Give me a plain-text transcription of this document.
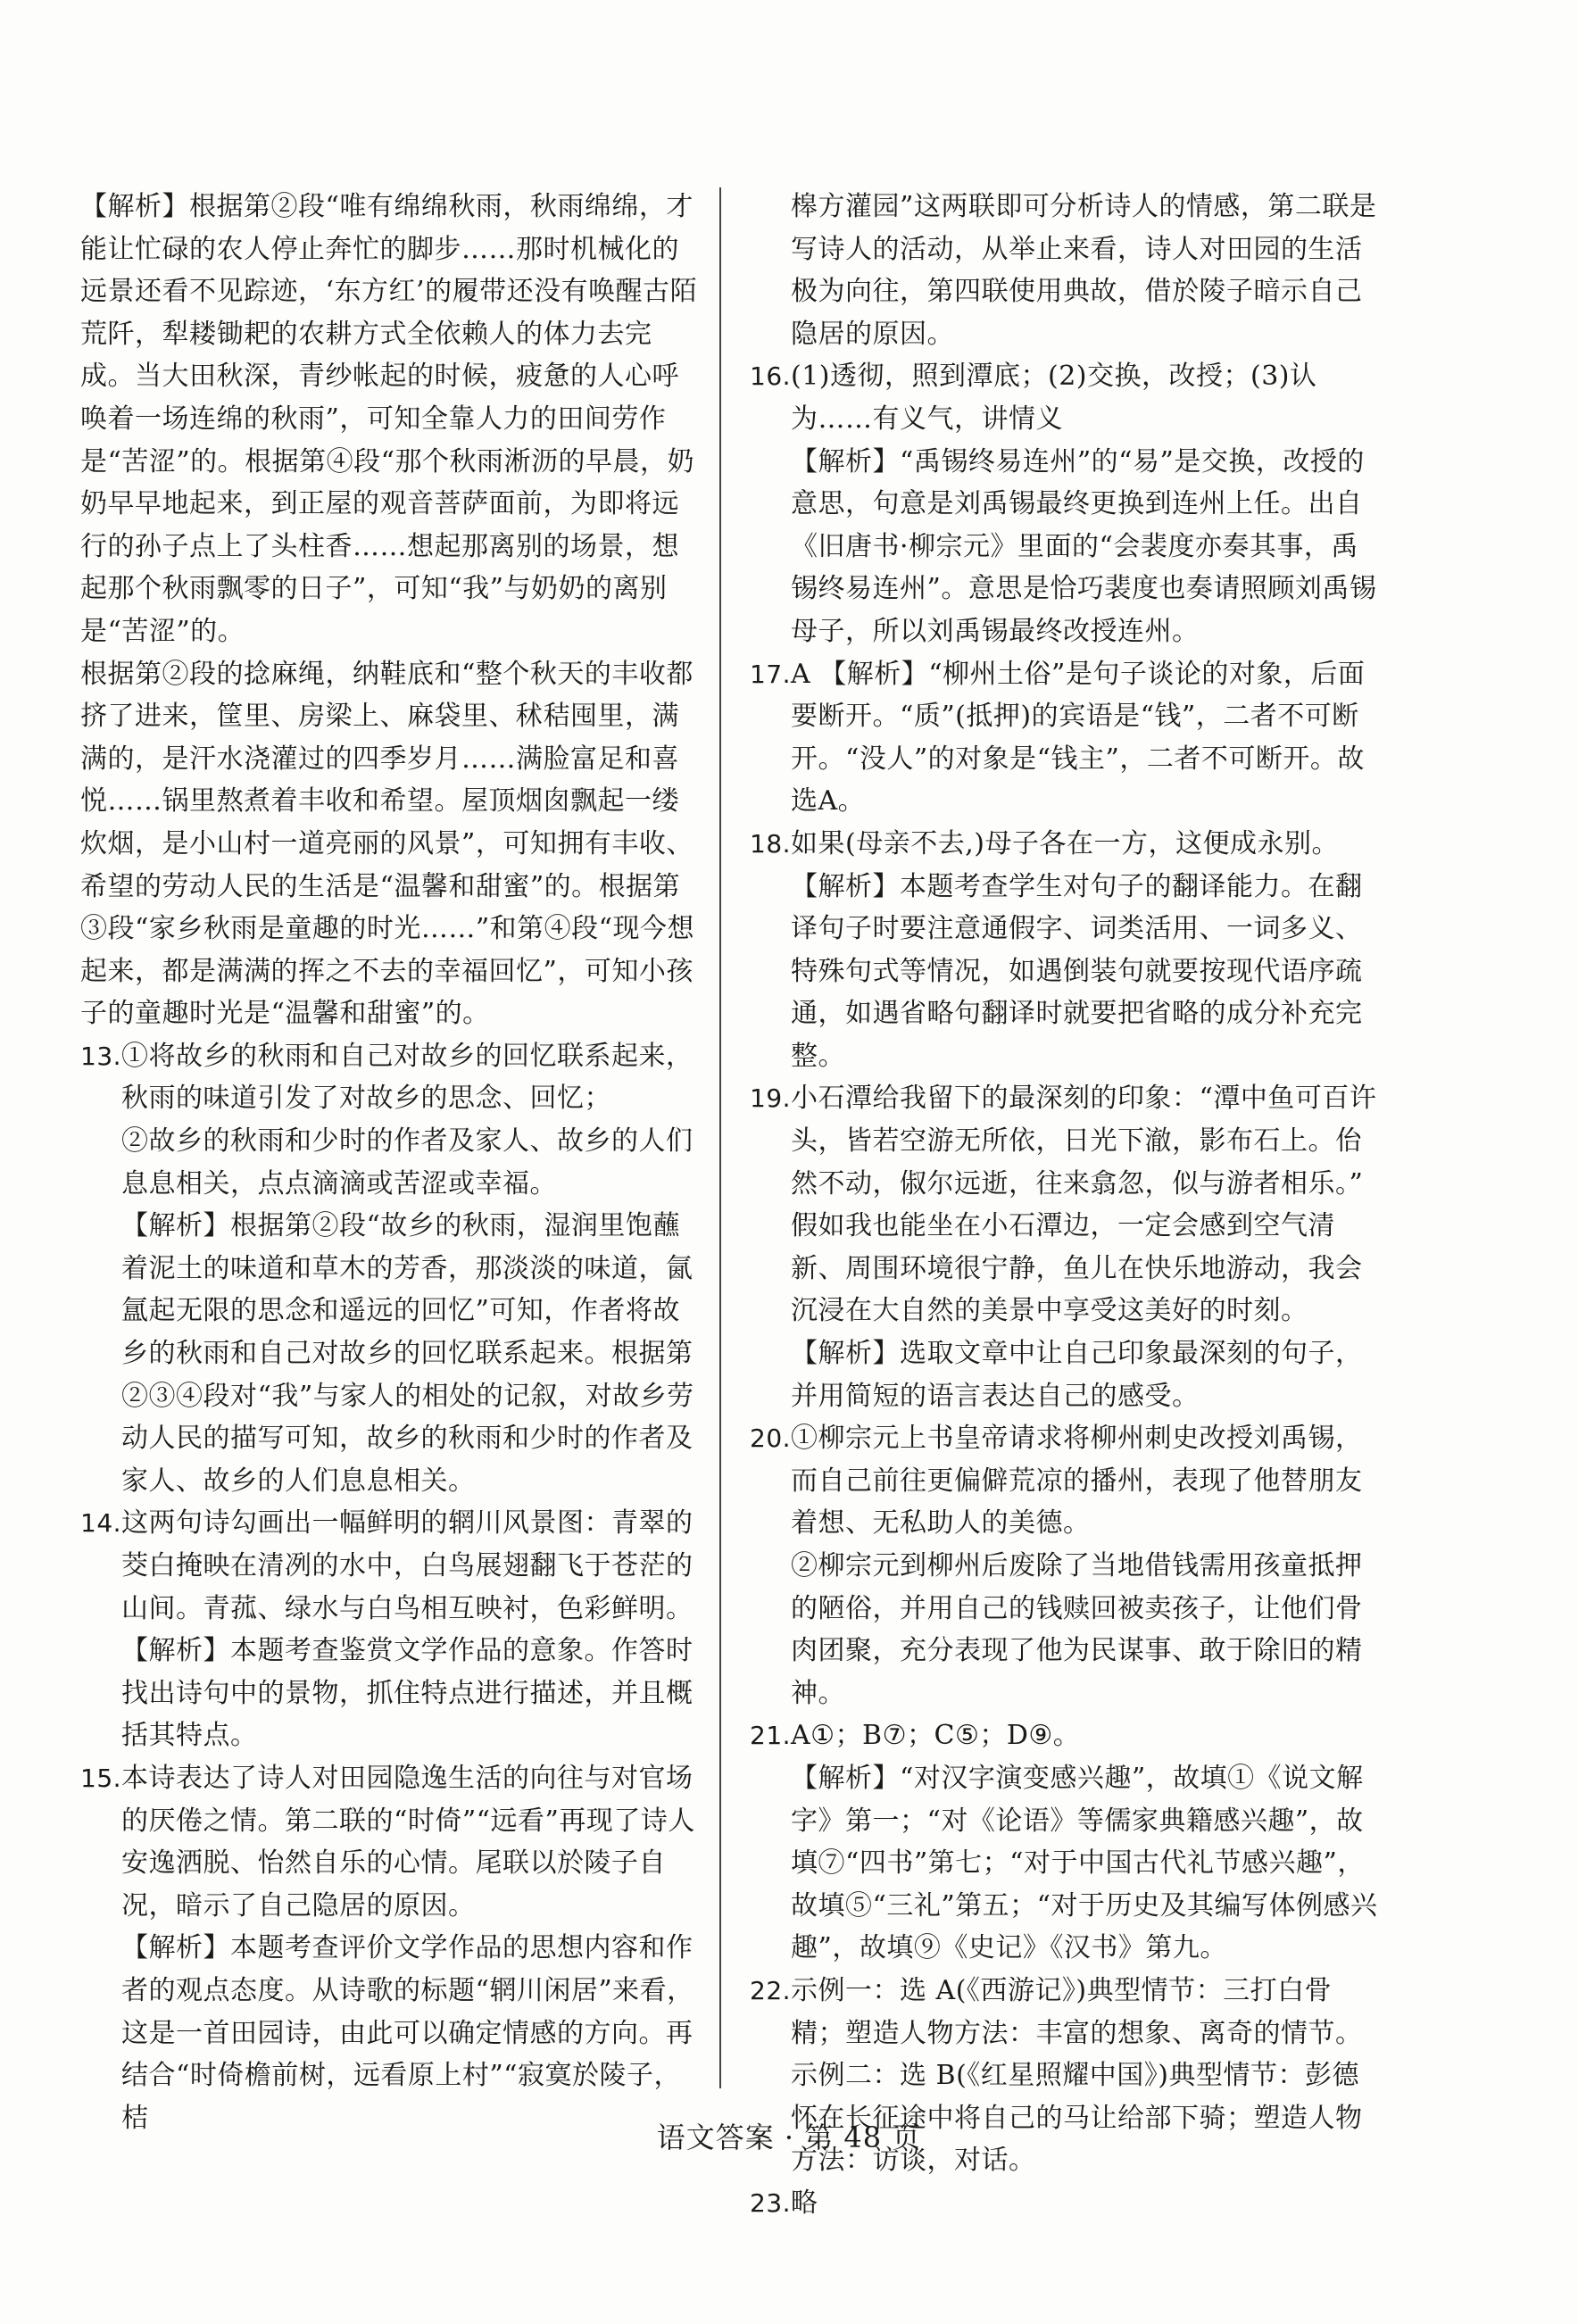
【解析】根据第②段“唯有绵绵秋雨，秋雨绵绵，才能让忙碌的农人停止奔忙的脚步……那时机械化的远景还看不见踪迹，‘东方红’的履带还没有唤醒古陌荒阡，犁耧锄耙的农耕方式全依赖人的体力去完成。当大田秋深，青纱帐起的时候，疲惫的人心呼唤着一场连绵的秋雨”，可知全靠人力的田间劳作是“苦涩”的。根据第④段“那个秋雨淅沥的早晨，奶奶早早地起来，到正屋的观音菩萨面前，为即将远行的孙子点上了头柱香……想起那离别的场景，想起那个秋雨飘零的日子”，可知“我”与奶奶的离别是“苦涩”的。

根据第②段的捻麻绳，纳鞋底和“整个秋天的丰收都挤了进来，筐里、房梁上、麻袋里、秫秸囤里，满满的，是汗水浇灌过的四季岁月……满脸富足和喜悦……锅里熬煮着丰收和希望。屋顶烟囱飘起一缕炊烟，是小山村一道亮丽的风景”，可知拥有丰收、希望的劳动人民的生活是“温馨和甜蜜”的。根据第③段“家乡秋雨是童趣的时光……”和第④段“现今想起来，都是满满的挥之不去的幸福回忆”，可知小孩子的童趣时光是“温馨和甜蜜”的。

13. ①将故乡的秋雨和自己对故乡的回忆联系起来，秋雨的味道引发了对故乡的思念、回忆；
②故乡的秋雨和少时的作者及家人、故乡的人们息息相关，点点滴滴或苦涩或幸福。
【解析】根据第②段“故乡的秋雨，湿润里饱蘸着泥土的味道和草木的芳香，那淡淡的味道，氤氲起无限的思念和遥远的回忆”可知，作者将故乡的秋雨和自己对故乡的回忆联系起来。根据第②③④段对“我”与家人的相处的记叙，对故乡劳动人民的描写可知，故乡的秋雨和少时的作者及家人、故乡的人们息息相关。
14. 这两句诗勾画出一幅鲜明的辋川风景图：青翠的茭白掩映在清冽的水中，白鸟展翅翻飞于苍茫的山间。青菰、绿水与白鸟相互映衬，色彩鲜明。
【解析】本题考查鉴赏文学作品的意象。作答时找出诗句中的景物，抓住特点进行描述，并且概括其特点。
15. 本诗表达了诗人对田园隐逸生活的向往与对官场的厌倦之情。第二联的“时倚”“远看”再现了诗人安逸洒脱、怡然自乐的心情。尾联以於陵子自况，暗示了自己隐居的原因。
【解析】本题考查评价文学作品的思想内容和作者的观点态度。从诗歌的标题“辋川闲居”来看，这是一首田园诗，由此可以确定情感的方向。再结合“时倚檐前树，远看原上村”“寂寞於陵子，桔
槔方灌园”这两联即可分析诗人的情感，第二联是写诗人的活动，从举止来看，诗人对田园的生活极为向往，第四联使用典故，借於陵子暗示自己隐居的原因。
16. (1)透彻，照到潭底；(2)交换，改授；(3)认为……有义气，讲情义
【解析】“禹锡终易连州”的“易”是交换，改授的意思，句意是刘禹锡最终更换到连州上任。出自《旧唐书·柳宗元》里面的“会裴度亦奏其事，禹锡终易连州”。意思是恰巧裴度也奏请照顾刘禹锡母子，所以刘禹锡最终改授连州。
17. A 【解析】“柳州土俗”是句子谈论的对象，后面要断开。“质”(抵押)的宾语是“钱”，二者不可断开。“没人”的对象是“钱主”，二者不可断开。故选A。
18. 如果(母亲不去,)母子各在一方，这便成永别。
【解析】本题考查学生对句子的翻译能力。在翻译句子时要注意通假字、词类活用、一词多义、特殊句式等情况，如遇倒装句就要按现代语序疏通，如遇省略句翻译时就要把省略的成分补充完整。
19. 小石潭给我留下的最深刻的印象：“潭中鱼可百许头，皆若空游无所依，日光下澈，影布石上。佁然不动，俶尔远逝，往来翕忽，似与游者相乐。”
假如我也能坐在小石潭边，一定会感到空气清新、周围环境很宁静，鱼儿在快乐地游动，我会沉浸在大自然的美景中享受这美好的时刻。
【解析】选取文章中让自己印象最深刻的句子，并用简短的语言表达自己的感受。
20. ①柳宗元上书皇帝请求将柳州刺史改授刘禹锡，而自己前往更偏僻荒凉的播州，表现了他替朋友着想、无私助人的美德。
②柳宗元到柳州后废除了当地借钱需用孩童抵押的陋俗，并用自己的钱赎回被卖孩子，让他们骨肉团聚，充分表现了他为民谋事、敢于除旧的精神。
21. A①；B⑦；C⑤；D⑨。
【解析】“对汉字演变感兴趣”，故填①《说文解字》第一；“对《论语》等儒家典籍感兴趣”，故填⑦“四书”第七；“对于中国古代礼节感兴趣”，故填⑤“三礼”第五；“对于历史及其编写体例感兴趣”，故填⑨《史记》《汉书》第九。
22. 示例一：选 A(《西游记》)典型情节：三打白骨精；塑造人物方法：丰富的想象、离奇的情节。
示例二：选 B(《红星照耀中国》)典型情节：彭德怀在长征途中将自己的马让给部下骑；塑造人物方法：访谈，对话。
23. 略
语文答案 · 第 48 页
